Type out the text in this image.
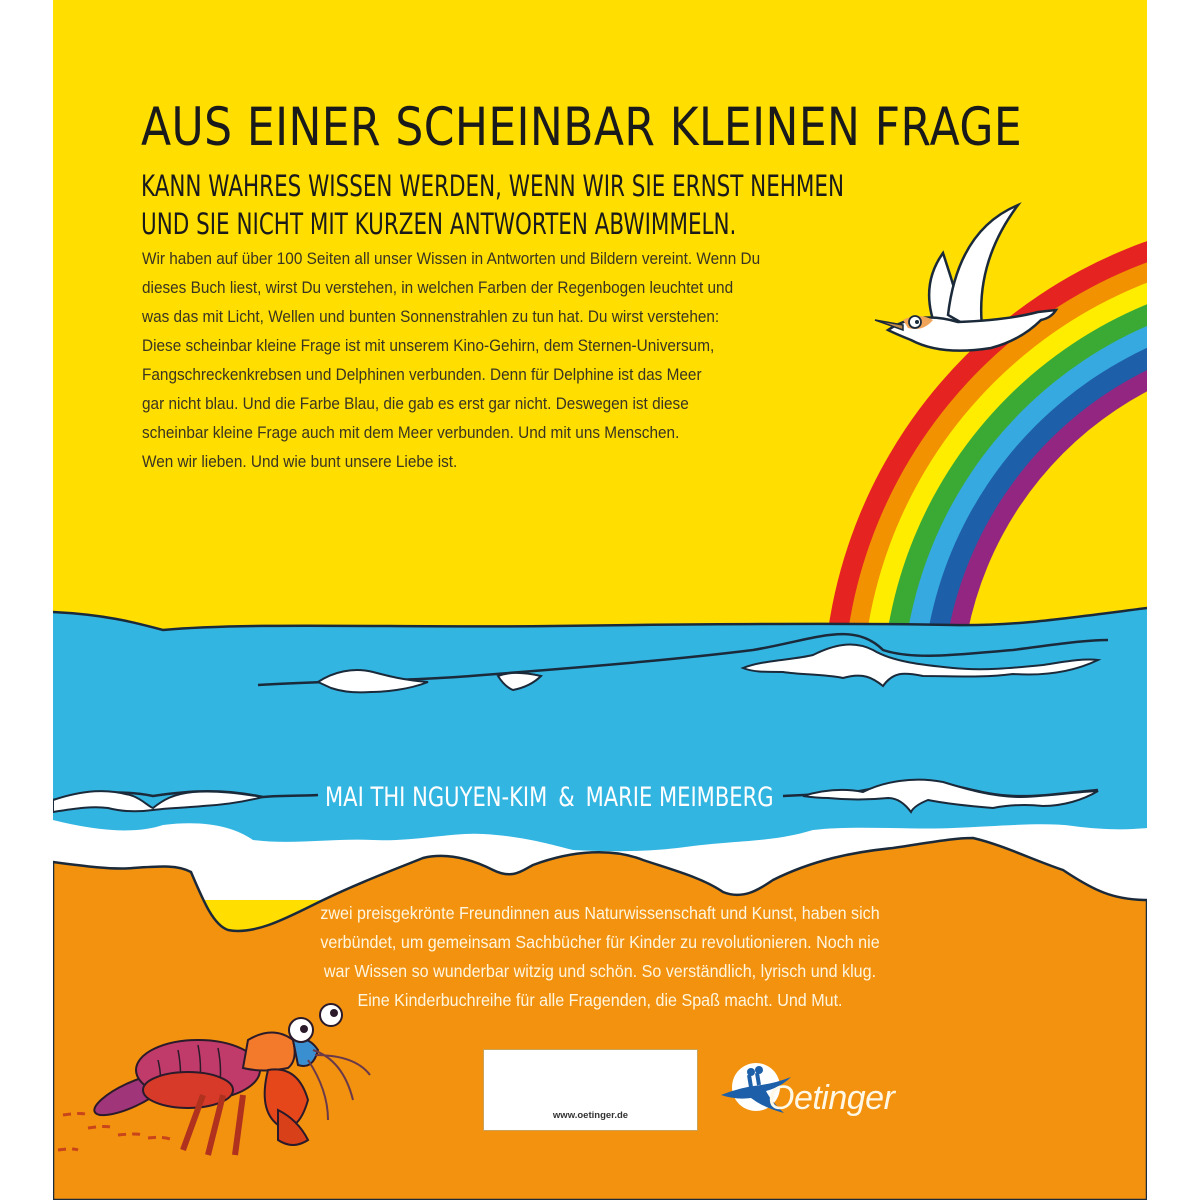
AUS EINER SCHEINBAR KLEINEN FRAGE
KANN WAHRES WISSEN WERDEN, WENN WIR SIE ERNST NEHMEN
UND SIE NICHT MIT KURZEN ANTWORTEN ABWIMMELN.
Wir haben auf über 100 Seiten all unser Wissen in Antworten und Bildern vereint. Wenn Du
dieses Buch liest, wirst Du verstehen, in welchen Farben der Regenbogen leuchtet und
was das mit Licht, Wellen und bunten Sonnenstrahlen zu tun hat. Du wirst verstehen:
Diese scheinbar kleine Frage ist mit unserem Kino-Gehirn, dem Sternen-Universum,
Fangschreckenkrebsen und Delphinen verbunden. Denn für Delphine ist das Meer
gar nicht blau. Und die Farbe Blau, die gab es erst gar nicht. Deswegen ist diese
scheinbar kleine Frage auch mit dem Meer verbunden. Und mit uns Menschen.
Wen wir lieben. Und wie bunt unsere Liebe ist.
MAI THI NGUYEN-KIM & MARIE MEIMBERG
zwei preisgekrönte Freundinnen aus Naturwissenschaft und Kunst, haben sich
verbündet, um gemeinsam Sachbücher für Kinder zu revolutionieren. Noch nie
war Wissen so wunderbar witzig und schön. So verständlich, lyrisch und klug.
Eine Kinderbuchreihe für alle Fragenden, die Spaß macht. Und Mut.
www.oetinger.de	Oetinger
